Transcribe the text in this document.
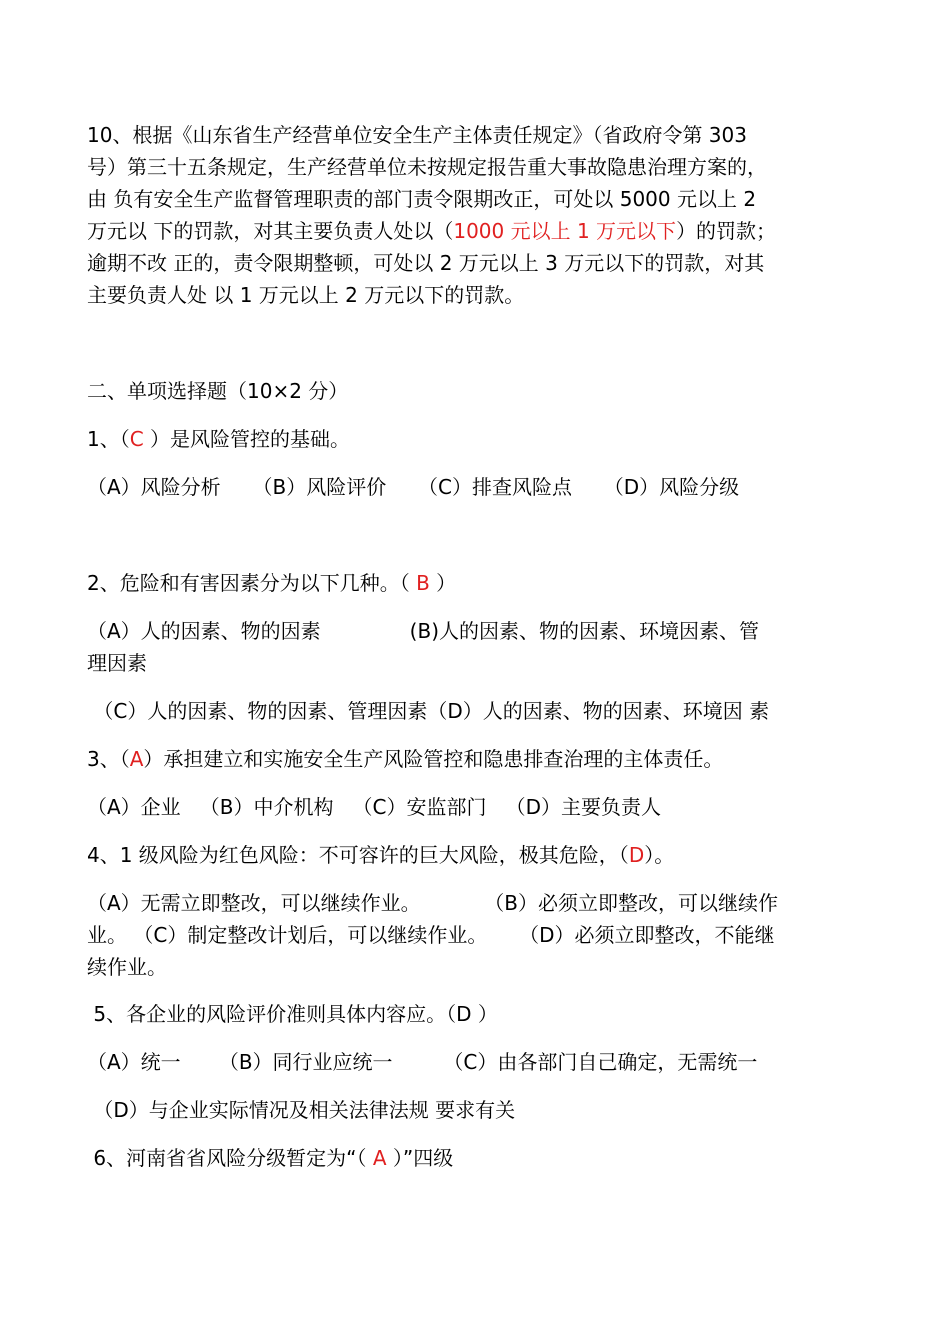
10、根据《山东省生产经营单位安全生产主体责任规定》（省政府令第 303
号）第三十五条规定，生产经营单位未按规定报告重大事故隐患治理方案的，
由 负有安全生产监督管理职责的部门责令限期改正，可处以 5000 元以上 2
万元以 下的罚款，对其主要负责人处以（1000 元以上 1 万元以下）的罚款；
逾期不改 正的，责令限期整顿，可处以 2 万元以上 3 万元以下的罚款，对其
主要负责人处 以 1 万元以上 2 万元以下的罚款。
二、单项选择题（10×2 分）
1、（C ）是风险管控的基础。
（A）风险分析     （B）风险评价     （C）排查风险点     （D）风险分级
2、危险和有害因素分为以下几种。（ B ）
（A）人的因素、物的因素              (B)人的因素、物的因素、环境因素、管
理因素
（C）人的因素、物的因素、管理因素（D）人的因素、物的因素、环境因 素
3、（A）承担建立和实施安全生产风险管控和隐患排查治理的主体责任。
（A）企业   （B）中介机构   （C）安监部门   （D）主要负责人
4、1 级风险为红色风险：不可容许的巨大风险，极其危险，（D）。
（A）无需立即整改，可以继续作业。          （B）必须立即整改，可以继续作
业。 （C）制定整改计划后，可以继续作业。     （D）必须立即整改，不能继
续作业。
5、各企业的风险评价准则具体内容应。（D ）
（A）统一      （B）同行业应统一        （C）由各部门自己确定，无需统一
（D）与企业实际情况及相关法律法规 要求有关
6、河南省省风险分级暂定为“（ A ）”四级
